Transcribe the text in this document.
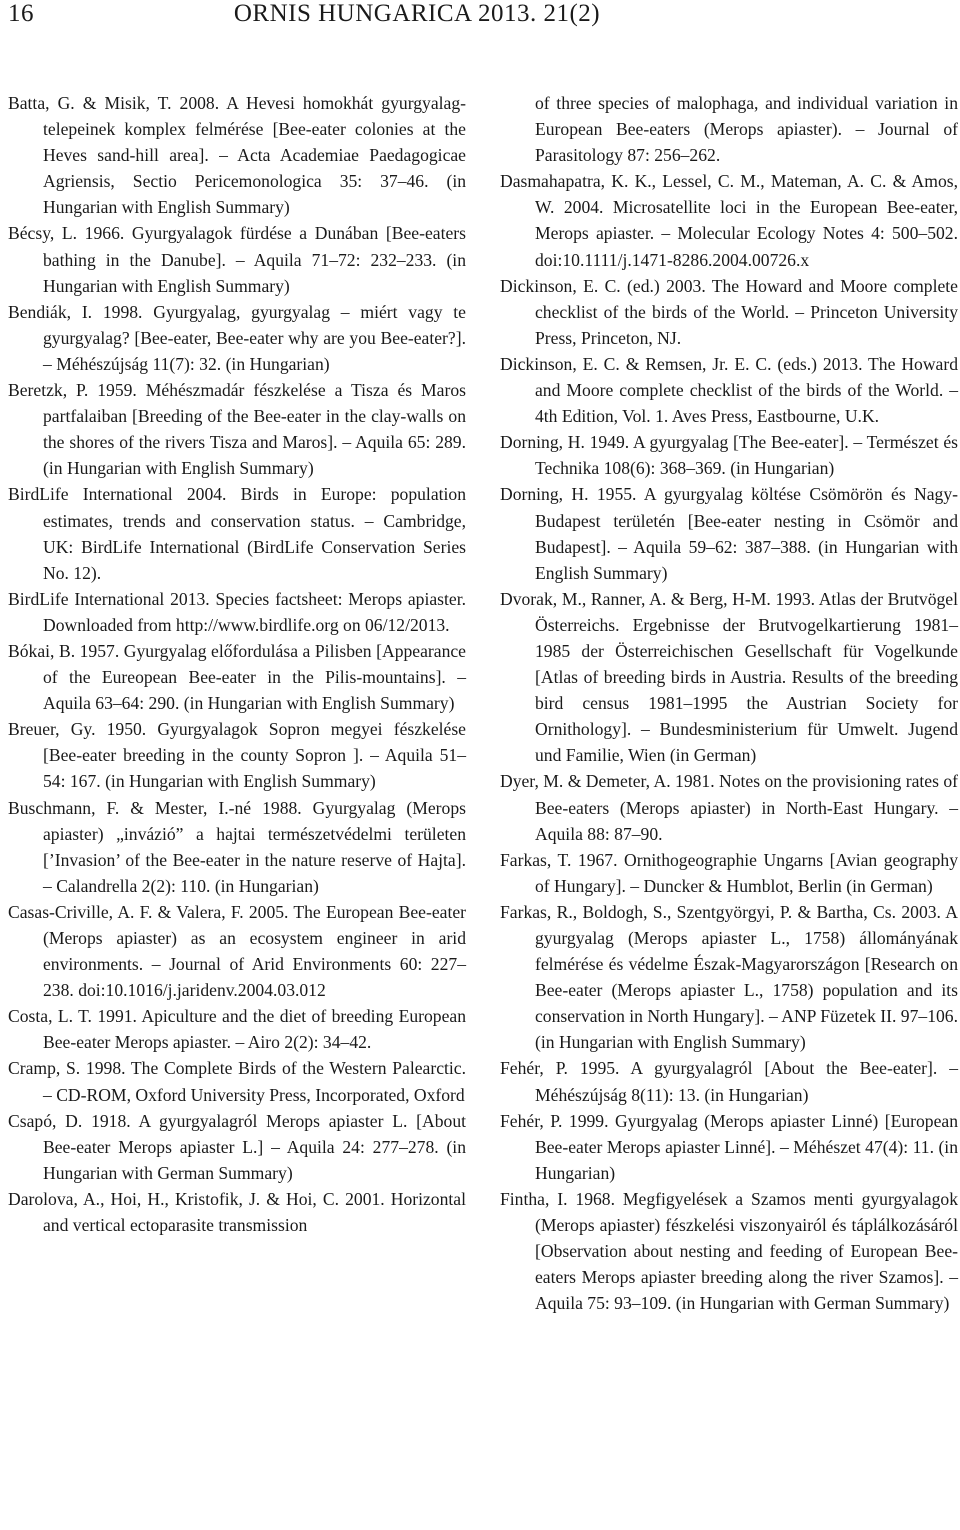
16	ORNIS HUNGARICA 2013. 21(2)

Batta, G. & Misik, T. 2008. A Hevesi homokhát gyurgyalag-telepeinek komplex felmérése [Bee-eater colonies at the Heves sand-hill area]. – Acta Academiae Paedagogicae Agriensis, Sectio Pericemonologica 35: 37–46. (in Hungarian with English Summary)

Bécsy, L. 1966. Gyurgyalagok fürdése a Dunában [Bee-eaters bathing in the Danube]. – Aquila 71–72: 232–233. (in Hungarian with English Summary)

Bendiák, I. 1998. Gyurgyalag, gyurgyalag – miért vagy te gyurgyalag? [Bee-eater, Bee-eater why are you Bee-eater?]. – Méhészújság 11(7): 32. (in Hungarian)

Beretzk, P. 1959. Méhészmadár fészkelése a Tisza és Maros partfalaiban [Breeding of the Bee-eater in the clay-walls on the shores of the rivers Tisza and Maros]. – Aquila 65: 289. (in Hungarian with English Summary)

BirdLife International 2004. Birds in Europe: population estimates, trends and conservation status. – Cambridge, UK: BirdLife International (BirdLife Conservation Series No. 12).

BirdLife International 2013. Species factsheet: Merops apiaster. Downloaded from http://www.birdlife.org on 06/12/2013.

Bókai, B. 1957. Gyurgyalag előfordulása a Pilisben [Appearance of the Eureopean Bee-eater in the Pilis-mountains]. – Aquila 63–64: 290. (in Hungarian with English Summary)

Breuer, Gy. 1950. Gyurgyalagok Sopron megyei fészkelése [Bee-eater breeding in the county Sopron ]. – Aquila 51–54: 167. (in Hungarian with English Summary)

Buschmann, F. & Mester, I.-né 1988. Gyurgyalag (Merops apiaster) „invázió” a hajtai természetvédelmi területen [’Invasion’ of the Bee-eater in the nature reserve of Hajta]. – Calandrella 2(2): 110. (in Hungarian)

Casas-Criville, A. F. & Valera, F. 2005. The European Bee-eater (Merops apiaster) as an ecosystem engineer in arid environments. – Journal of Arid Environments 60: 227–238. doi:10.1016/j.jaridenv.2004.03.012

Costa, L. T. 1991. Apiculture and the diet of breeding European Bee-eater Merops apiaster. – Airo 2(2): 34–42.

Cramp, S. 1998. The Complete Birds of the Western Palearctic. – CD-ROM, Oxford University Press, Incorporated, Oxford

Csapó, D. 1918. A gyurgyalagról Merops apiaster L. [About Bee-eater Merops apiaster L.] – Aquila 24: 277–278. (in Hungarian with German Summary)

Darolova, A., Hoi, H., Kristofik, J. & Hoi, C. 2001. Horizontal and vertical ectoparasite transmission

of three species of malophaga, and individual variation in European Bee-eaters (Merops apiaster). – Journal of Parasitology 87: 256–262.

Dasmahapatra, K. K., Lessel, C. M., Mateman, A. C. & Amos, W. 2004. Microsatellite loci in the European Bee-eater, Merops apiaster. – Molecular Ecology Notes 4: 500–502. doi:10.1111/j.1471-8286.2004.00726.x

Dickinson, E. C. (ed.) 2003. The Howard and Moore complete checklist of the birds of the World. – Princeton University Press, Princeton, NJ.

Dickinson, E. C. & Remsen, Jr. E. C. (eds.) 2013. The Howard and Moore complete checklist of the birds of the World. – 4th Edition, Vol. 1. Aves Press, Eastbourne, U.K.

Dorning, H. 1949. A gyurgyalag [The Bee-eater]. – Természet és Technika 108(6): 368–369. (in Hungarian)

Dorning, H. 1955. A gyurgyalag költése Csömörön és Nagy-Budapest területén [Bee-eater nesting in Csömör and Budapest]. – Aquila 59–62: 387–388. (in Hungarian with English Summary)

Dvorak, M., Ranner, A. & Berg, H-M. 1993. Atlas der Brutvögel Österreichs. Ergebnisse der Brutvogelkartierung 1981–1985 der Österreichischen Gesellschaft für Vogelkunde [Atlas of breeding birds in Austria. Results of the breeding bird census 1981–1995 the Austrian Society for Ornithology]. – Bundesministerium für Umwelt. Jugend und Familie, Wien (in German)

Dyer, M. & Demeter, A. 1981. Notes on the provisioning rates of Bee-eaters (Merops apiaster) in North-East Hungary. – Aquila 88: 87–90.

Farkas, T. 1967. Ornithogeographie Ungarns [Avian geography of Hungary]. – Duncker & Humblot, Berlin (in German)

Farkas, R., Boldogh, S., Szentgyörgyi, P. & Bartha, Cs. 2003. A gyurgyalag (Merops apiaster L., 1758) állományának felmérése és védelme Észak-Magyarországon [Research on Bee-eater (Merops apiaster L., 1758) population and its conservation in North Hungary]. – ANP Füzetek II. 97–106. (in Hungarian with English Summary)

Fehér, P. 1995. A gyurgyalagról [About the Bee-eater]. – Méhészújság 8(11): 13. (in Hungarian)

Fehér, P. 1999. Gyurgyalag (Merops apiaster Linné) [European Bee-eater Merops apiaster Linné]. – Méhészet 47(4): 11. (in Hungarian)

Fintha, I. 1968. Megfigyelések a Szamos menti gyurgyalagok (Merops apiaster) fészkelési viszonyairól és táplálkozásáról [Observation about nesting and feeding of European Bee-eaters Merops apiaster breeding along the river Szamos]. – Aquila 75: 93–109. (in Hungarian with German Summary)
